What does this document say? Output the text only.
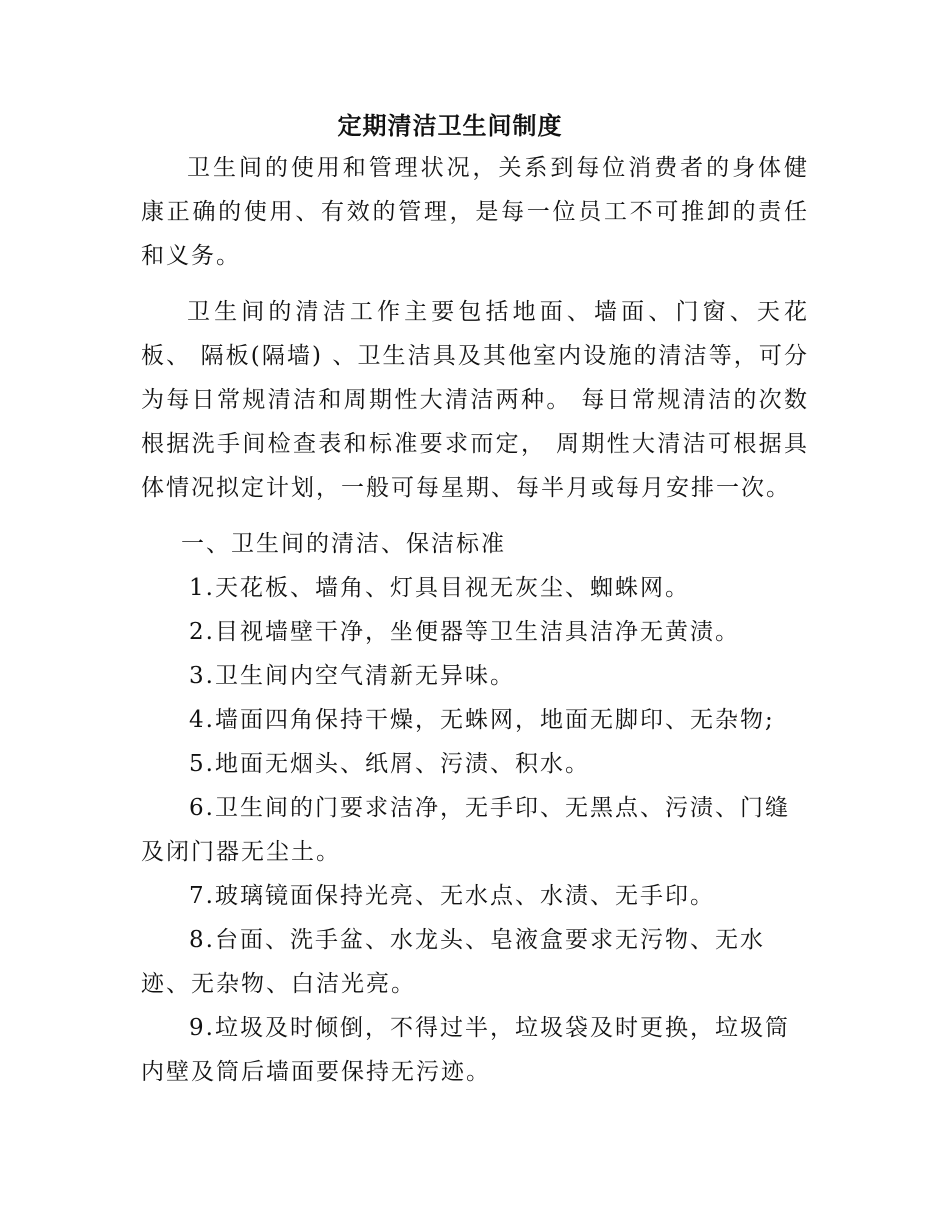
定期清洁卫生间制度

卫生间的使用和管理状况，关系到每位消费者的身体健康正确的使用、有效的管理，是每一位员工不可推卸的责任和义务。

卫生间的清洁工作主要包括地面、墙面、门窗、天花板、 隔板(隔墙) 、卫生洁具及其他室内设施的清洁等，可分为每日常规清洁和周期性大清洁两种。 每日常规清洁的次数根据洗手间检查表和标准要求而定， 周期性大清洁可根据具体情况拟定计划，一般可每星期、每半月或每月安排一次。

一、卫生间的清洁、保洁标准

1.天花板、墙角、灯具目视无灰尘、蜘蛛网。

2.目视墙壁干净，坐便器等卫生洁具洁净无黄渍。

3.卫生间内空气清新无异味。

4.墙面四角保持干燥，无蛛网，地面无脚印、无杂物;

5.地面无烟头、纸屑、污渍、积水。

6.卫生间的门要求洁净，无手印、无黑点、污渍、门缝及闭门器无尘土。

7.玻璃镜面保持光亮、无水点、水渍、无手印。

8.台面、洗手盆、水龙头、皂液盒要求无污物、无水迹、无杂物、白洁光亮。

9.垃圾及时倾倒，不得过半，垃圾袋及时更换，垃圾筒内壁及筒后墙面要保持无污迹。
